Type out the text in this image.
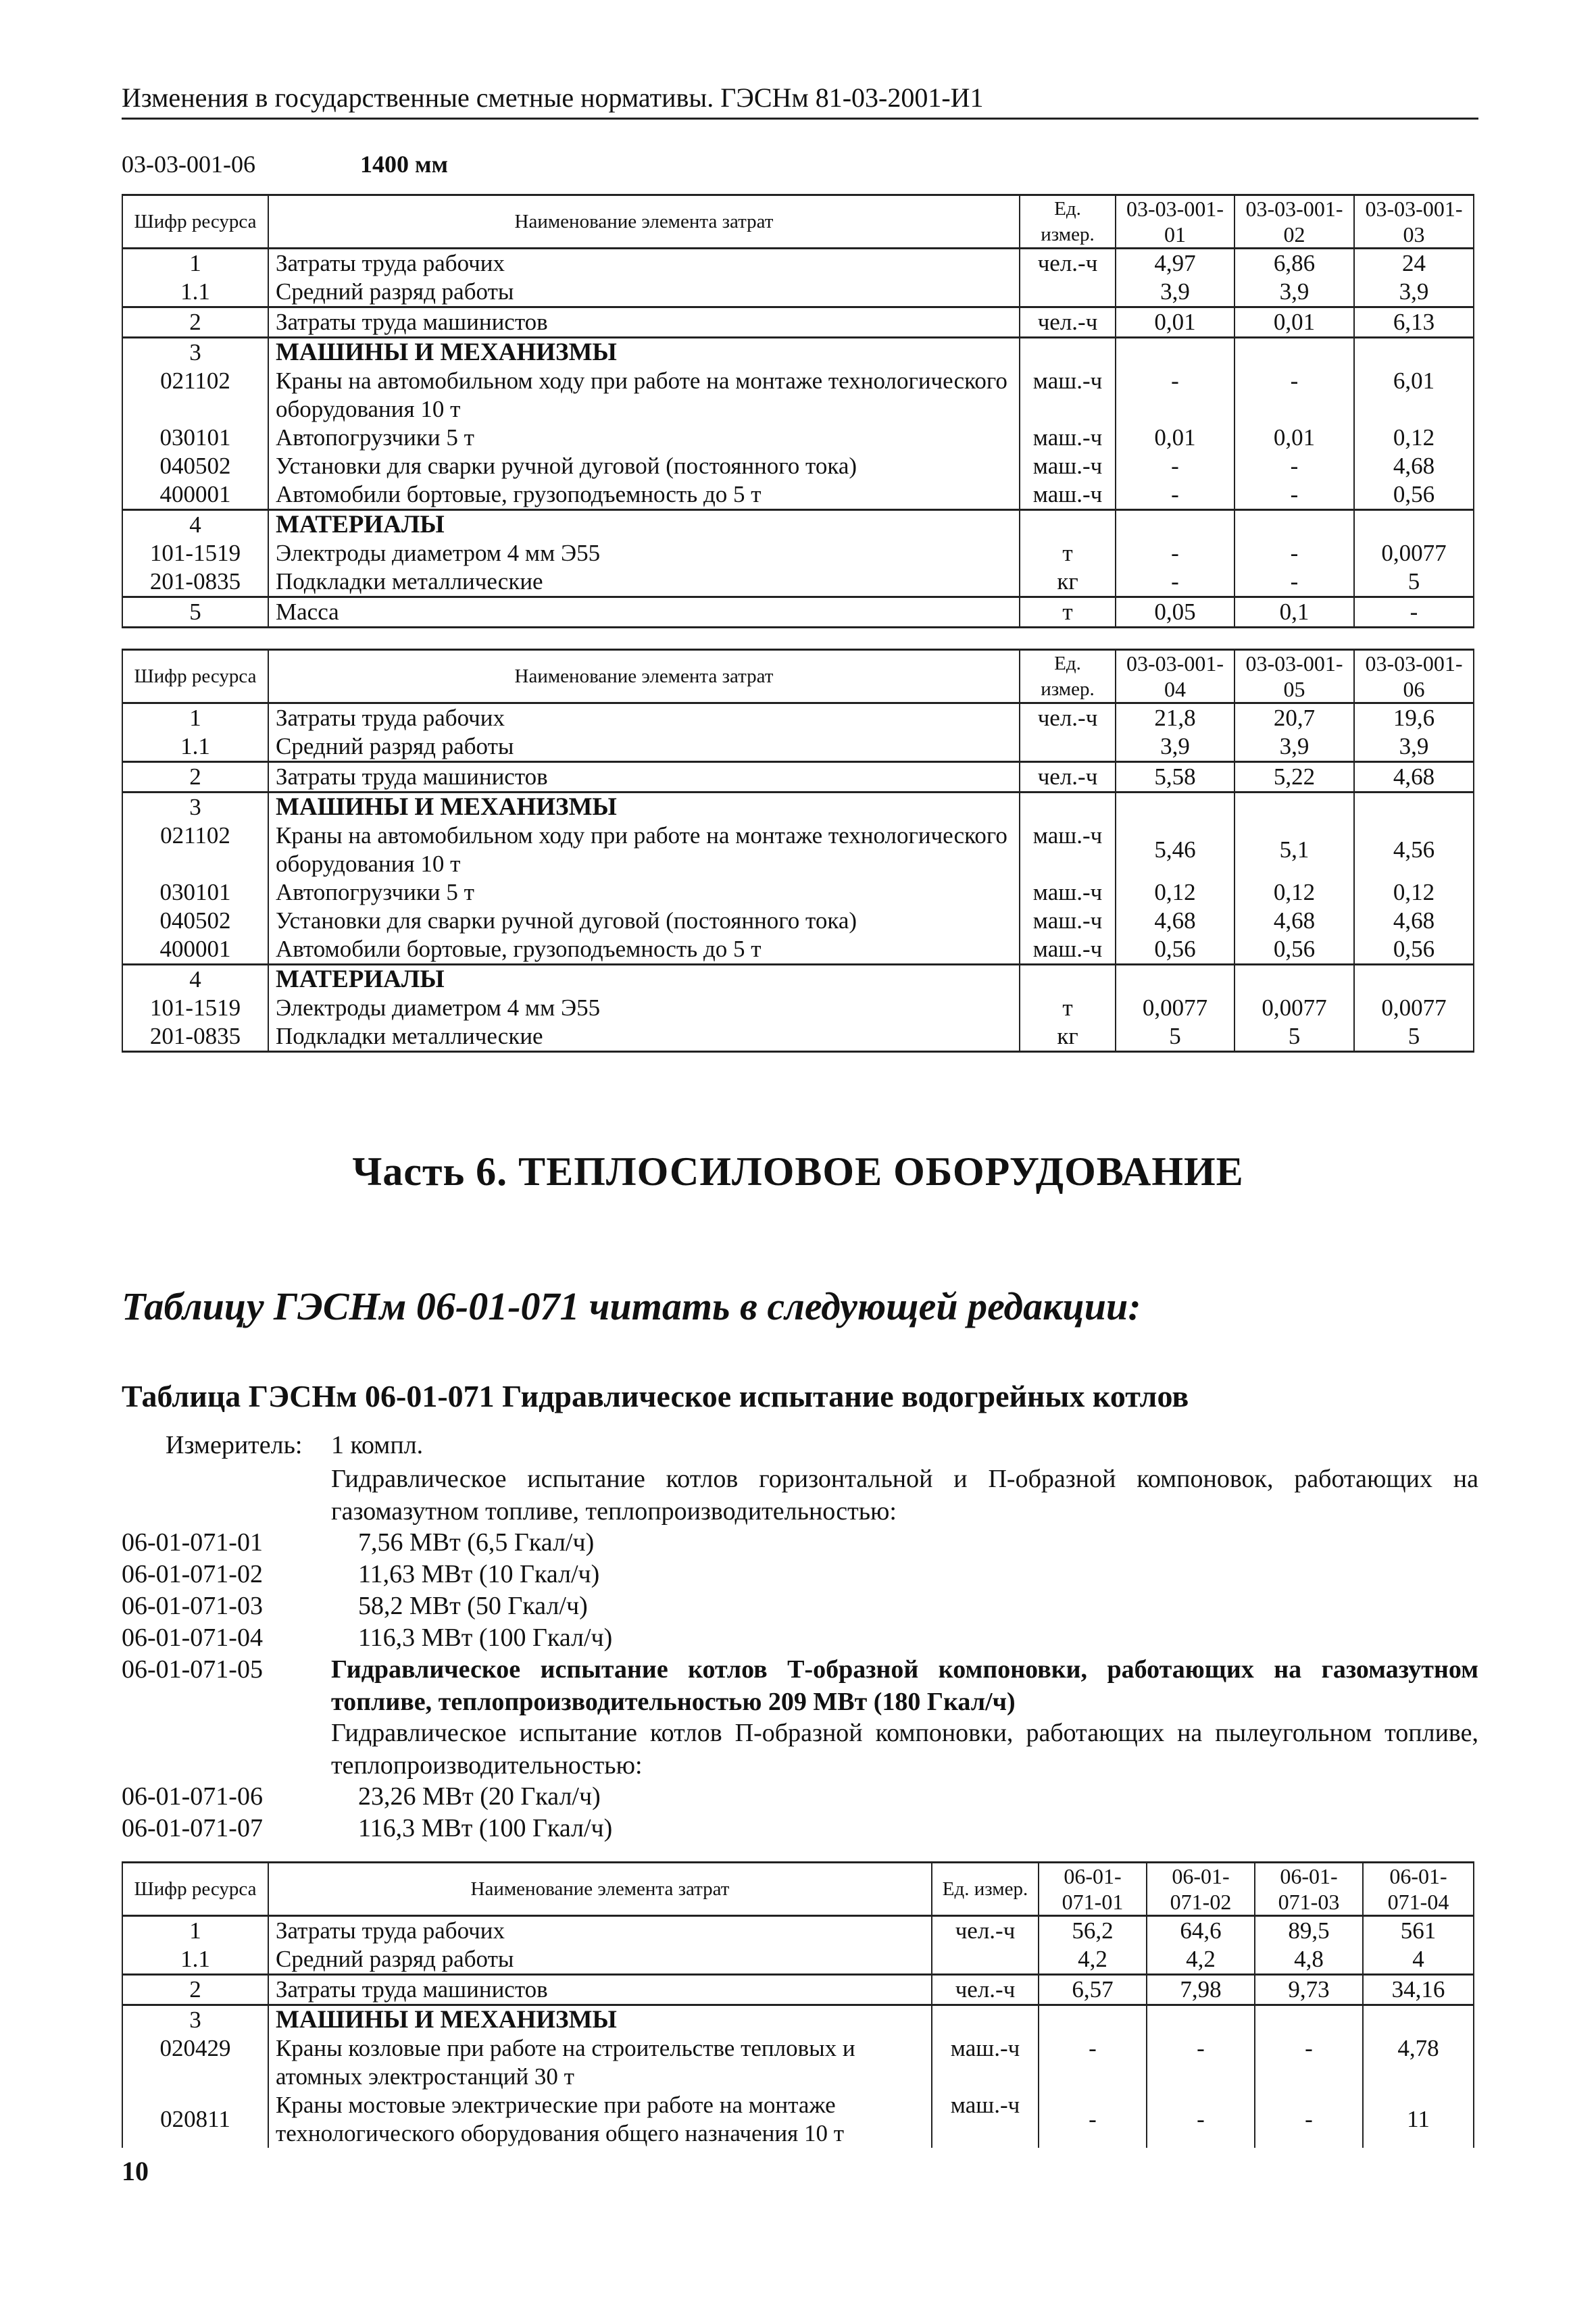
Изменения в государственные сметные нормативы. ГЭСНм 81-03-2001-И1
03-03-001-06	1400 мм
Шифр ресурса	Наименование элемента затрат	Ед. измер.	03-03-001-01	03-03-001-02	03-03-001-03
1	Затраты труда рабочих	чел.-ч	4,97	6,86	24
1.1	Средний разряд работы		3,9	3,9	3,9
2	Затраты труда машинистов	чел.-ч	0,01	0,01	6,13
3	МАШИНЫ И МЕХАНИЗМЫ				
021102	Краны на автомобильном ходу при работе на монтаже технологического оборудования 10 т	маш.-ч	-	-	6,01
030101	Автопогрузчики 5 т	маш.-ч	0,01	0,01	0,12
040502	Установки для сварки ручной дуговой (постоянного тока)	маш.-ч	-	-	4,68
400001	Автомобили бортовые, грузоподъемность до 5 т	маш.-ч	-	-	0,56
4	МАТЕРИАЛЫ				
101-1519	Электроды диаметром 4 мм Э55	т	-	-	0,0077
201-0835	Подкладки металлические	кг	-	-	5
5	Масса	т	0,05	0,1	-
Шифр ресурса	Наименование элемента затрат	Ед. измер.	03-03-001-04	03-03-001-05	03-03-001-06
1	Затраты труда рабочих	чел.-ч	21,8	20,7	19,6
1.1	Средний разряд работы		3,9	3,9	3,9
2	Затраты труда машинистов	чел.-ч	5,58	5,22	4,68
3	МАШИНЫ И МЕХАНИЗМЫ				
021102	Краны на автомобильном ходу при работе на монтаже технологического оборудования 10 т	маш.-ч	5,46	5,1	4,56
030101	Автопогрузчики 5 т	маш.-ч	0,12	0,12	0,12
040502	Установки для сварки ручной дуговой (постоянного тока)	маш.-ч	4,68	4,68	4,68
400001	Автомобили бортовые, грузоподъемность до 5 т	маш.-ч	0,56	0,56	0,56
4	МАТЕРИАЛЫ				
101-1519	Электроды диаметром 4 мм Э55	т	0,0077	0,0077	0,0077
201-0835	Подкладки металлические	кг	5	5	5
Часть 6. ТЕПЛОСИЛОВОЕ ОБОРУДОВАНИЕ
Таблицу ГЭСНм 06-01-071 читать в следующей редакции:
Таблица ГЭСНм 06-01-071 Гидравлическое испытание водогрейных котлов
Измеритель: 1 компл.
Гидравлическое испытание котлов горизонтальной и П-образной компоновок, работающих на газомазутном топливе, теплопроизводительностью:
06-01-071-01	7,56 МВт (6,5 Гкал/ч)
06-01-071-02	11,63 МВт (10 Гкал/ч)
06-01-071-03	58,2 МВт (50 Гкал/ч)
06-01-071-04	116,3 МВт (100 Гкал/ч)
06-01-071-05	Гидравлическое испытание котлов Т-образной компоновки, работающих на газомазутном топливе, теплопроизводительностью 209 МВт (180 Гкал/ч)
Гидравлическое испытание котлов П-образной компоновки, работающих на пылеугольном топливе, теплопроизводительностью:
06-01-071-06	23,26 МВт (20 Гкал/ч)
06-01-071-07	116,3 МВт (100 Гкал/ч)
Шифр ресурса	Наименование элемента затрат	Ед. измер.	06-01-071-01	06-01-071-02	06-01-071-03	06-01-071-04
1	Затраты труда рабочих	чел.-ч	56,2	64,6	89,5	561
1.1	Средний разряд работы		4,2	4,2	4,8	4
2	Затраты труда машинистов	чел.-ч	6,57	7,98	9,73	34,16
3	МАШИНЫ И МЕХАНИЗМЫ					
020429	Краны козловые при работе на строительстве тепловых и атомных электростанций 30 т	маш.-ч	-	-	-	4,78
020811	Краны мостовые электрические при работе на монтаже технологического оборудования общего назначения 10 т	маш.-ч	-	-	-	11
10
